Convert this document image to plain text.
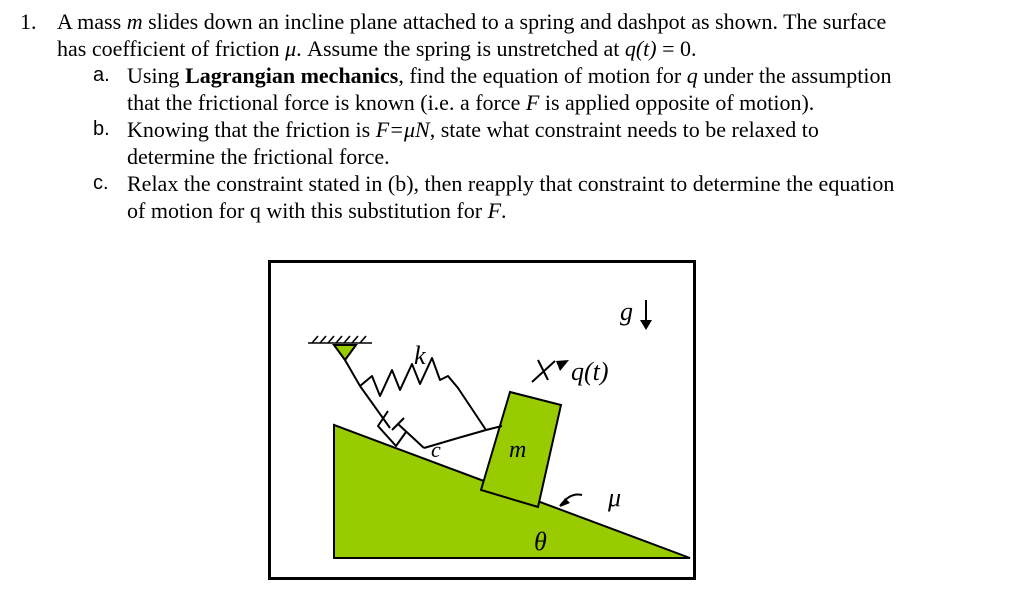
1. A mass m slides down an incline plane attached to a spring and dashpot as shown. The surface
has coefficient of friction μ. Assume the spring is unstretched at q(t) = 0.
a. Using Lagrangian mechanics, find the equation of motion for q under the assumption
that the frictional force is known (i.e. a force F is applied opposite of motion).
b. Knowing that the friction is F=μN, state what constraint needs to be relaxed to
determine the frictional force.
c. Relax the constraint stated in (b), then reapply that constraint to determine the equation
of motion for q with this substitution for F.
g
q(t)
k
c	m
μ
θ
